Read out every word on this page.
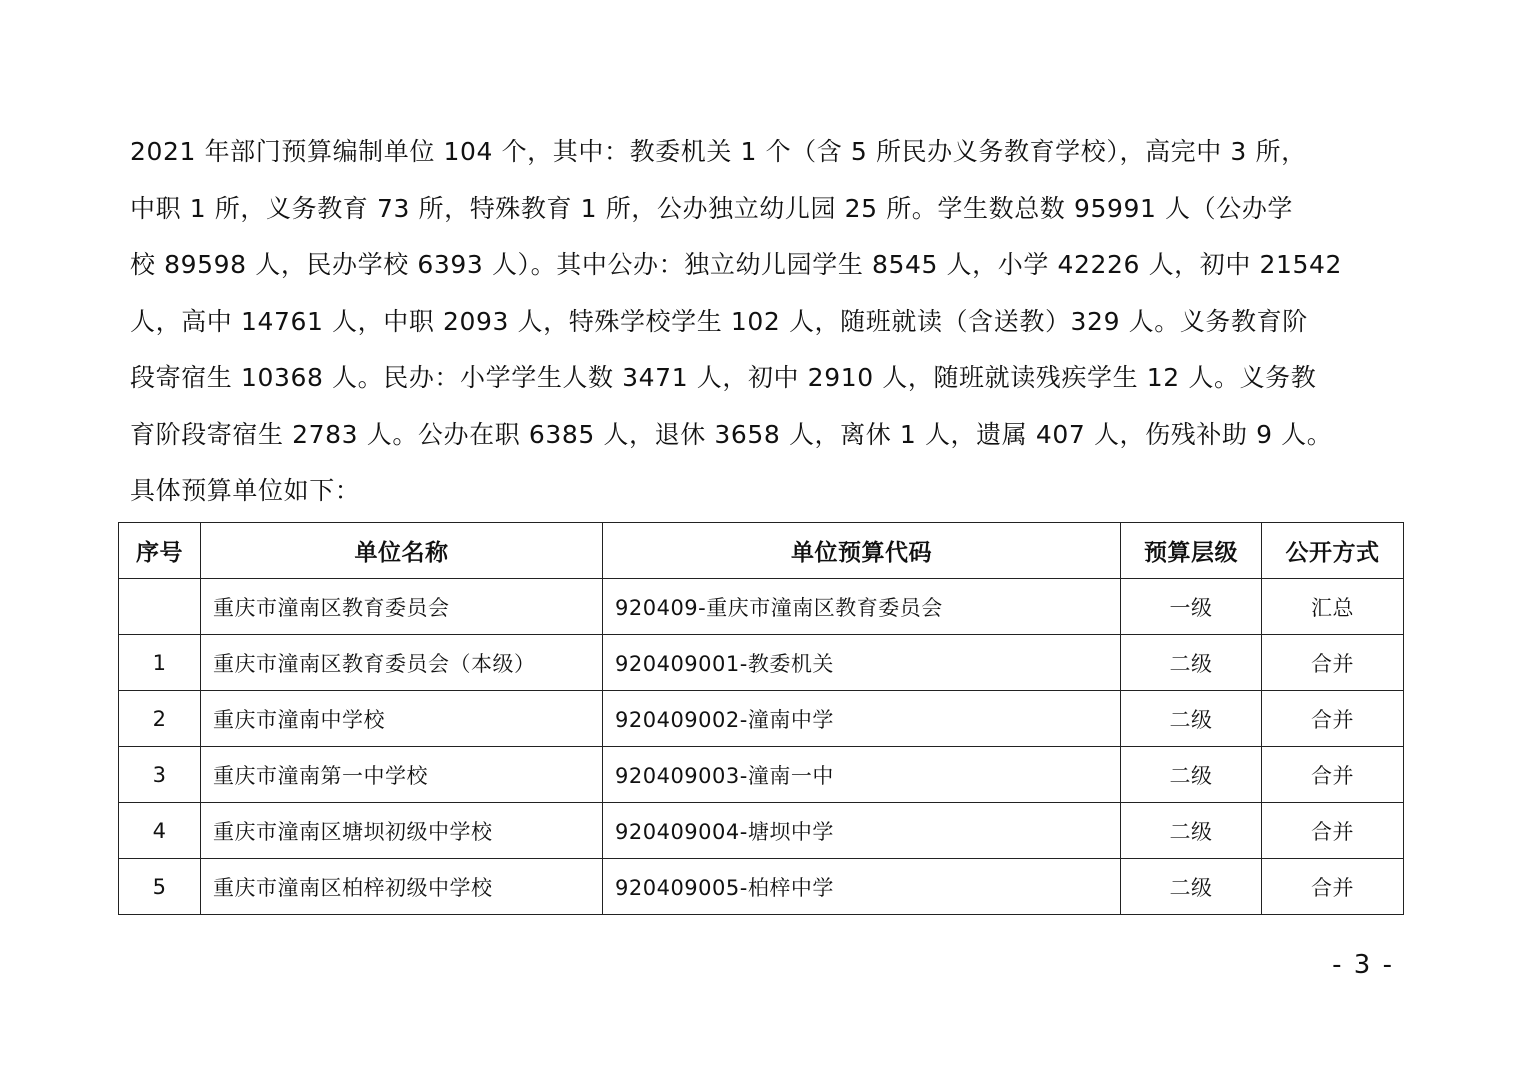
2021 年部门预算编制单位 104 个，其中：教委机关 1 个（含 5 所民办义务教育学校），高完中 3 所，
中职 1 所，义务教育 73 所，特殊教育 1 所，公办独立幼儿园 25 所。学生数总数 95991 人（公办学
校 89598 人，民办学校 6393 人）。其中公办：独立幼儿园学生 8545 人，小学 42226 人，初中 21542
人，高中 14761 人，中职 2093 人，特殊学校学生 102 人，随班就读（含送教）329 人。义务教育阶
段寄宿生 10368 人。民办：小学学生人数 3471 人，初中 2910 人，随班就读残疾学生 12 人。义务教
育阶段寄宿生 2783 人。公办在职 6385 人，退休 3658 人，离休 1 人，遗属 407 人，伤残补助 9 人。
具体预算单位如下：
序号	单位名称	单位预算代码	预算层级	公开方式
	重庆市潼南区教育委员会	920409-重庆市潼南区教育委员会	一级	汇总
1	重庆市潼南区教育委员会（本级）	920409001-教委机关	二级	合并
2	重庆市潼南中学校	920409002-潼南中学	二级	合并
3	重庆市潼南第一中学校	920409003-潼南一中	二级	合并
4	重庆市潼南区塘坝初级中学校	920409004-塘坝中学	二级	合并
5	重庆市潼南区柏梓初级中学校	920409005-柏梓中学	二级	合并
- 3 -
